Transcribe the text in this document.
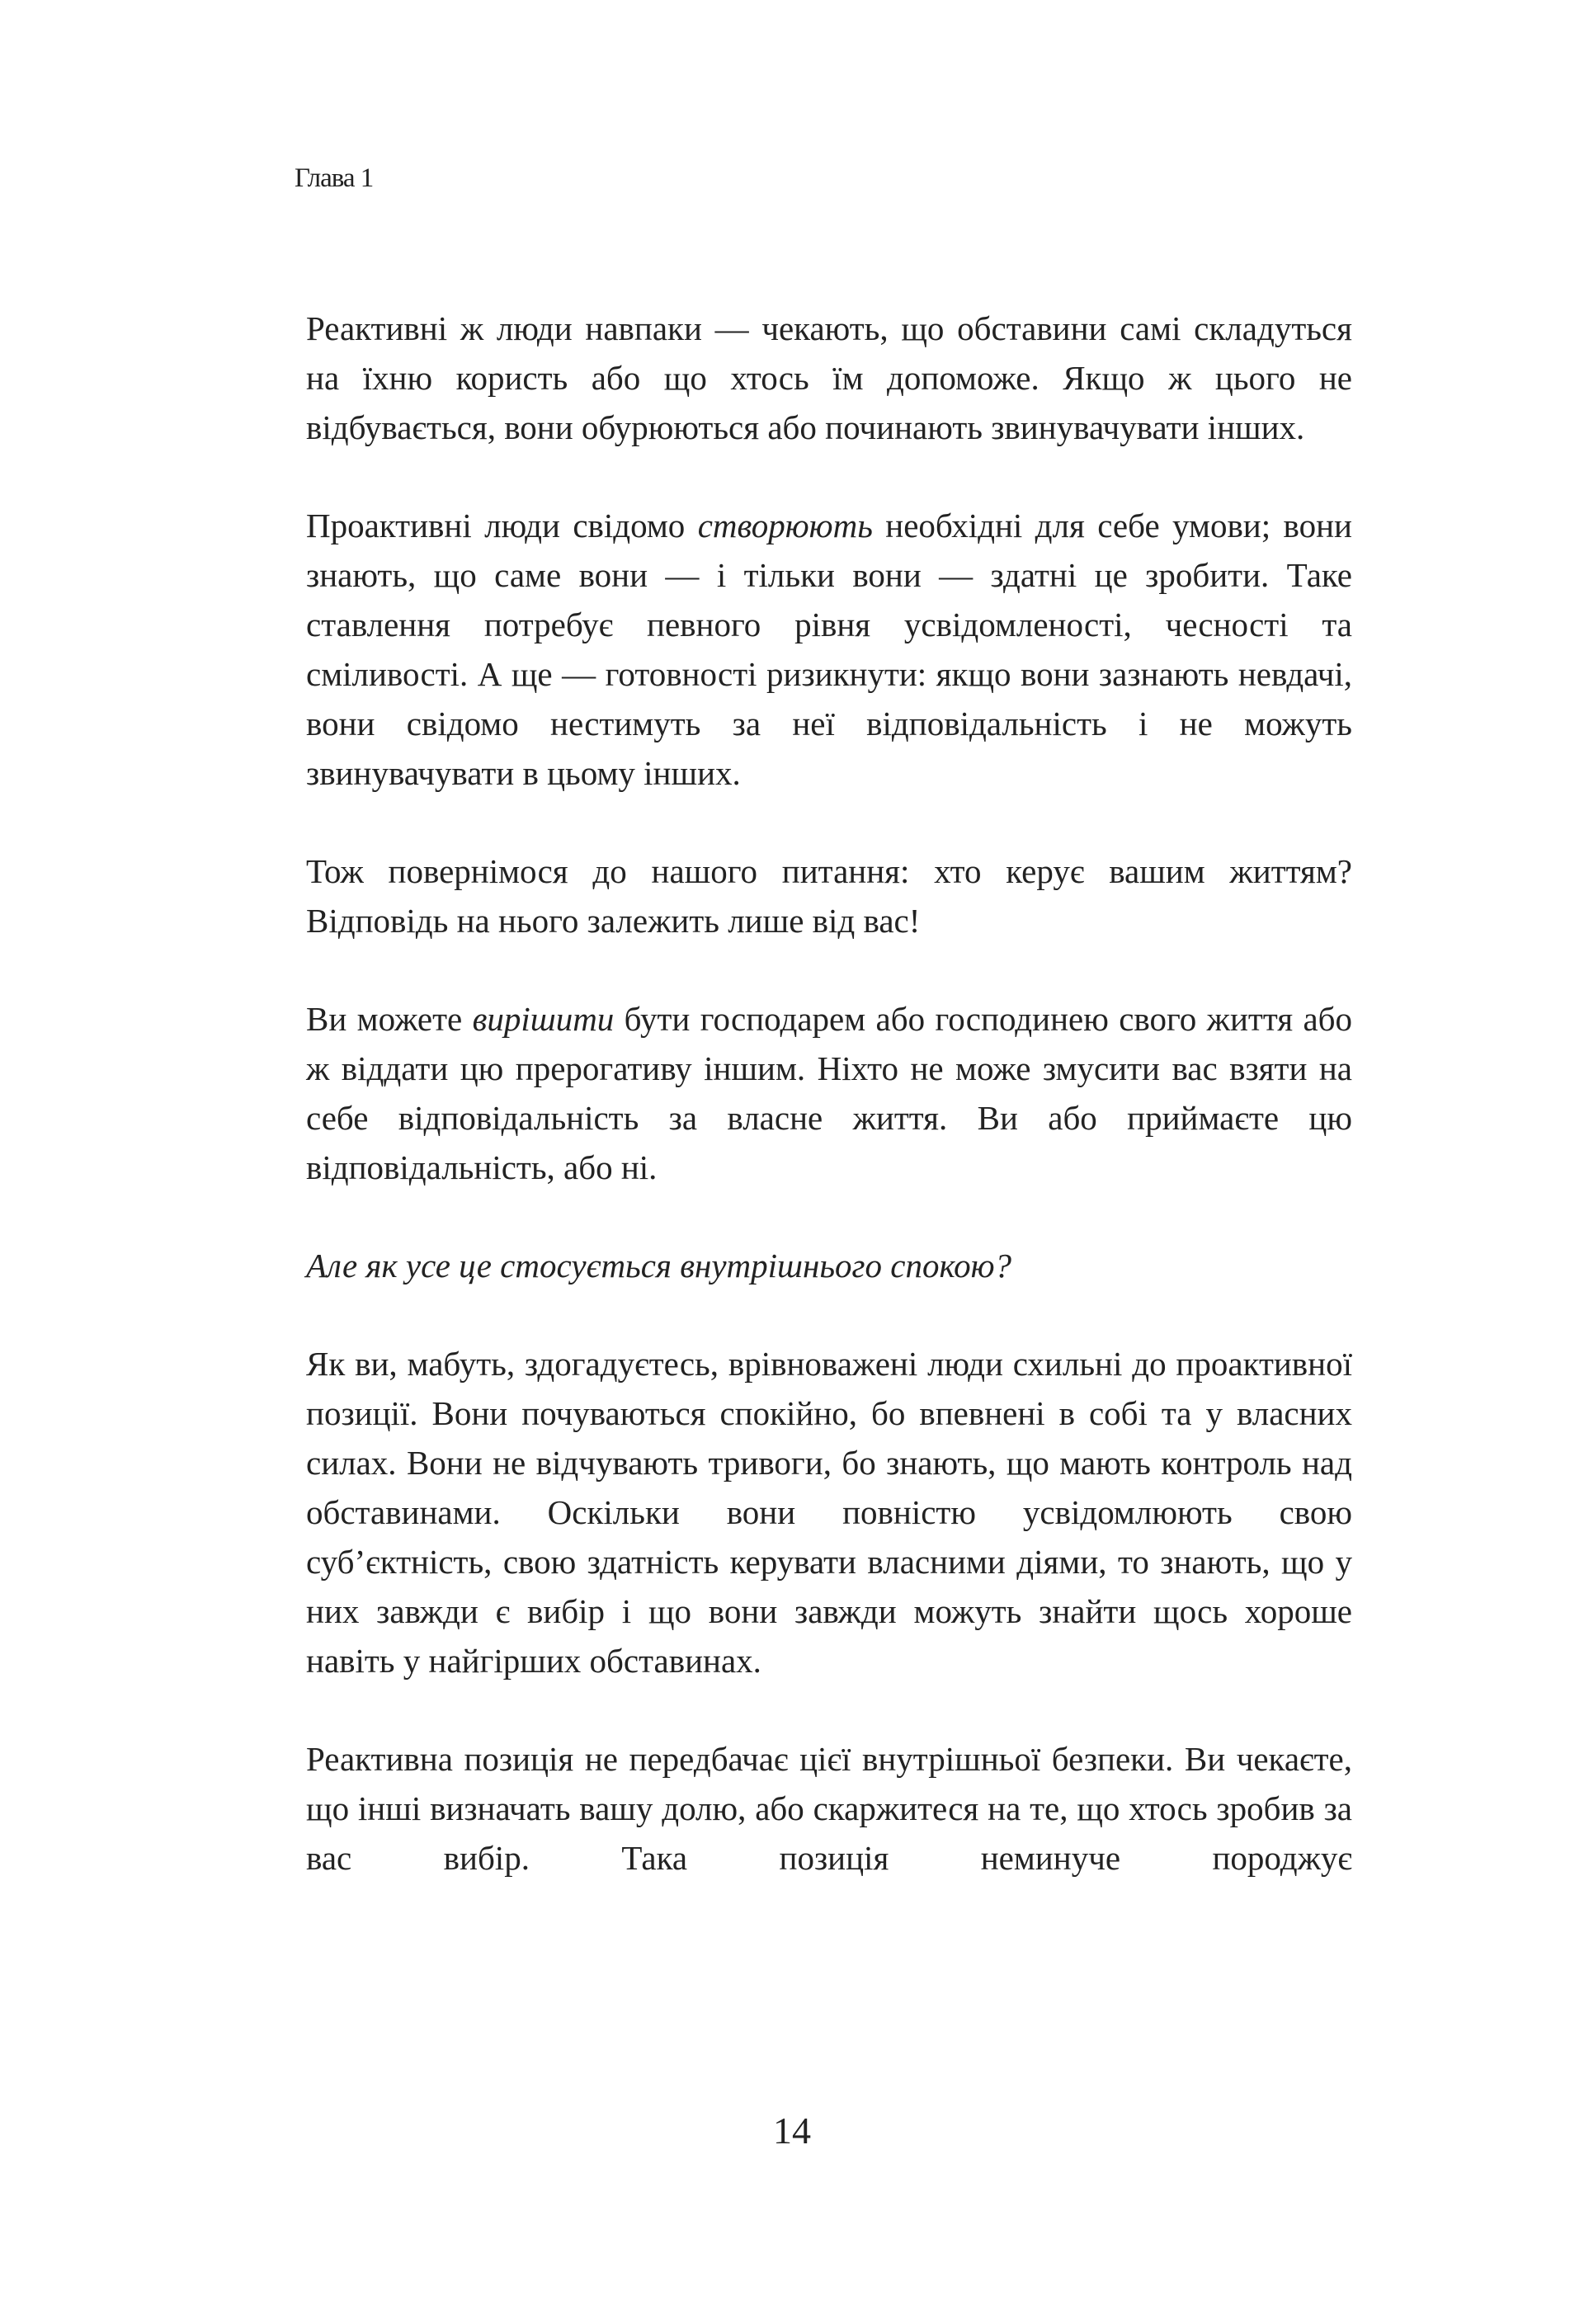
Глава 1

Реактивні ж люди навпаки — чекають, що обставини самі складуться на їхню користь або що хтось їм допоможе. Якщо ж цього не відбувається, вони обурюються або починають звинувачувати інших.

Проактивні люди свідомо створюють необхідні для себе умови; вони знають, що саме вони — і тільки вони — здатні це зробити. Таке ставлення потребує певного рівня усвідомленості, чесності та сміливості. А ще — готовності ризикнути: якщо вони зазнають невдачі, вони свідомо нестимуть за неї відповідальність і не можуть звинувачувати в цьому інших.

Тож повернімося до нашого питання: хто керує вашим життям? Відповідь на нього залежить лише від вас!

Ви можете вирішити бути господарем або господинею свого життя або ж віддати цю прерогативу іншим. Ніхто не може змусити вас взяти на себе відповідальність за власне життя. Ви або приймаєте цю відповідальність, або ні.

Але як усе це стосується внутрішнього спокою?

Як ви, мабуть, здогадуєтесь, врівноважені люди схильні до проактивної позиції. Вони почуваються спокійно, бо впевнені в собі та у власних силах. Вони не відчувають тривоги, бо знають, що мають контроль над обставинами. Оскільки вони повністю усвідомлюють свою суб’єктність, свою здатність керувати власними діями, то знають, що у них завжди є вибір і що вони завжди можуть знайти щось хороше навіть у найгірших обставинах.

Реактивна позиція не передбачає цієї внутрішньої безпеки. Ви чекаєте, що інші визначать вашу долю, або скаржитеся на те, що хтось зробив за вас вибір. Така позиція неминуче породжує

14
